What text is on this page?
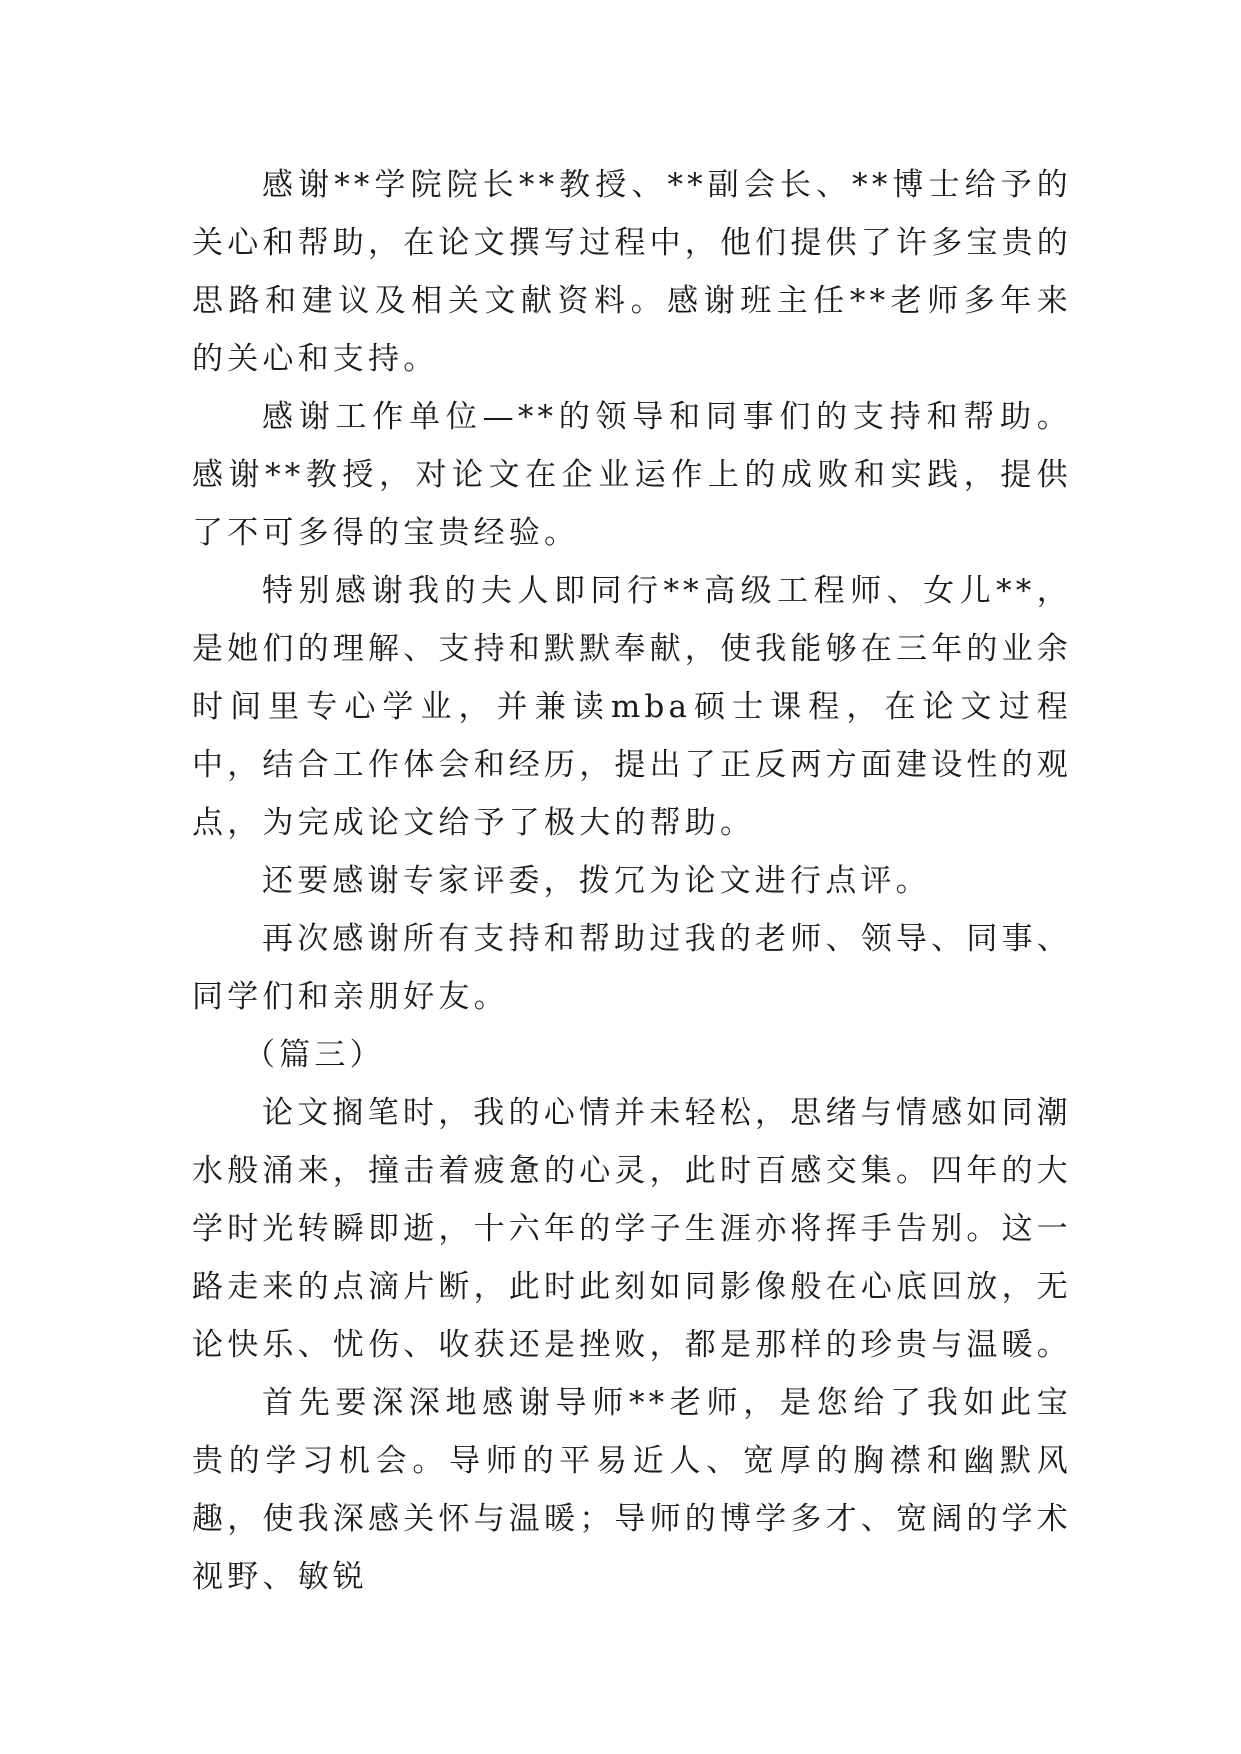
感谢**学院院长**教授、**副会长、**博士给予的关心和帮助，在论文撰写过程中，他们提供了许多宝贵的思路和建议及相关文献资料。感谢班主任**老师多年来的关心和支持。

感谢工作单位—**的领导和同事们的支持和帮助。感谢**教授，对论文在企业运作上的成败和实践，提供了不可多得的宝贵经验。

特别感谢我的夫人即同行**高级工程师、女儿**，是她们的理解、支持和默默奉献，使我能够在三年的业余时间里专心学业，并兼读mba硕士课程，在论文过程中，结合工作体会和经历，提出了正反两方面建设性的观点，为完成论文给予了极大的帮助。

还要感谢专家评委，拨冗为论文进行点评。

再次感谢所有支持和帮助过我的老师、领导、同事、同学们和亲朋好友。

（篇三）

论文搁笔时，我的心情并未轻松，思绪与情感如同潮水般涌来，撞击着疲惫的心灵，此时百感交集。四年的大学时光转瞬即逝，十六年的学子生涯亦将挥手告别。这一路走来的点滴片断，此时此刻如同影像般在心底回放，无论快乐、忧伤、收获还是挫败，都是那样的珍贵与温暖。

首先要深深地感谢导师**老师，是您给了我如此宝贵的学习机会。导师的平易近人、宽厚的胸襟和幽默风趣，使我深感关怀与温暖；导师的博学多才、宽阔的学术视野、敏锐
